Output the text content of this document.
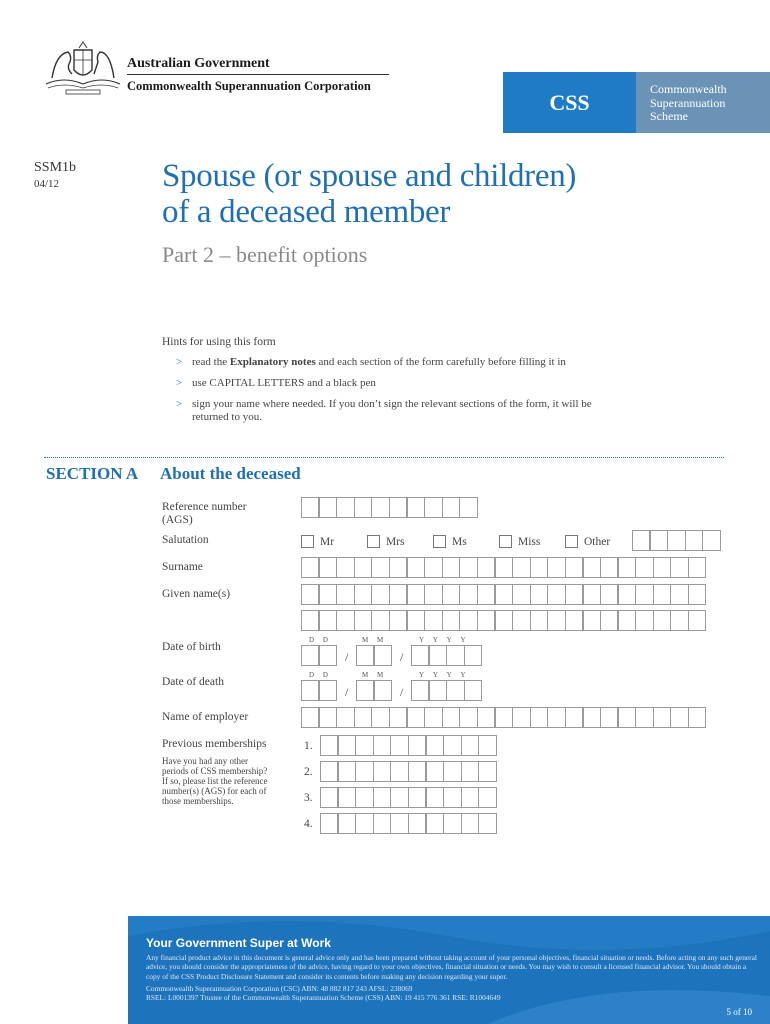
Australian Government
Commonwealth Superannuation Corporation
CSS
Commonwealth
Superannuation
Scheme
SSM1b
04/12	Spouse (or spouse and children)
of a deceased member
Part 2 – benefit options
Hints for using this form
> read the Explanatory notes and each section of the form carefully before filling it in
> use CAPITAL LETTERS and a black pen
> sign your name where needed. If you don’t sign the relevant sections of the form, it will be
returned to you.
SECTION A About the deceased
Reference number
(AGS)
Salutation	Mr	Mrs	Ms	Miss	Other
Surname
Given name(s)
D D	M M	Y Y Y Y
Date of birth
/	/
D D	M M	Y Y Y Y
Date of death
/	/
Name of employer
Previous memberships
Have you had any other
periods of CSS membership?
If so, please list the reference
number(s) (AGS) for each of
those memberships.
1.
2.
3.
4.
Your Government Super at Work
Any financial product advice in this document is general advice only and has been prepared without taking account of your personal objectives, financial situation or needs. Before acting on any such general advice, you should consider the appropriateness of the advice, having regard to your own objectives, financial situation or needs. You may wish to consult a licensed financial advisor. You should obtain a copy of the CSS Product Disclosure Statement and consider its contents before making any decision regarding your super.
Commonwealth Superannuation Corporation (CSC) ABN: 48 882 817 243 AFSL: 238069
RSEL: L0001397 Trustee of the Commonwealth Superannuation Scheme (CSS) ABN: 19 415 776 361 RSE: R1004649
5 of 10
